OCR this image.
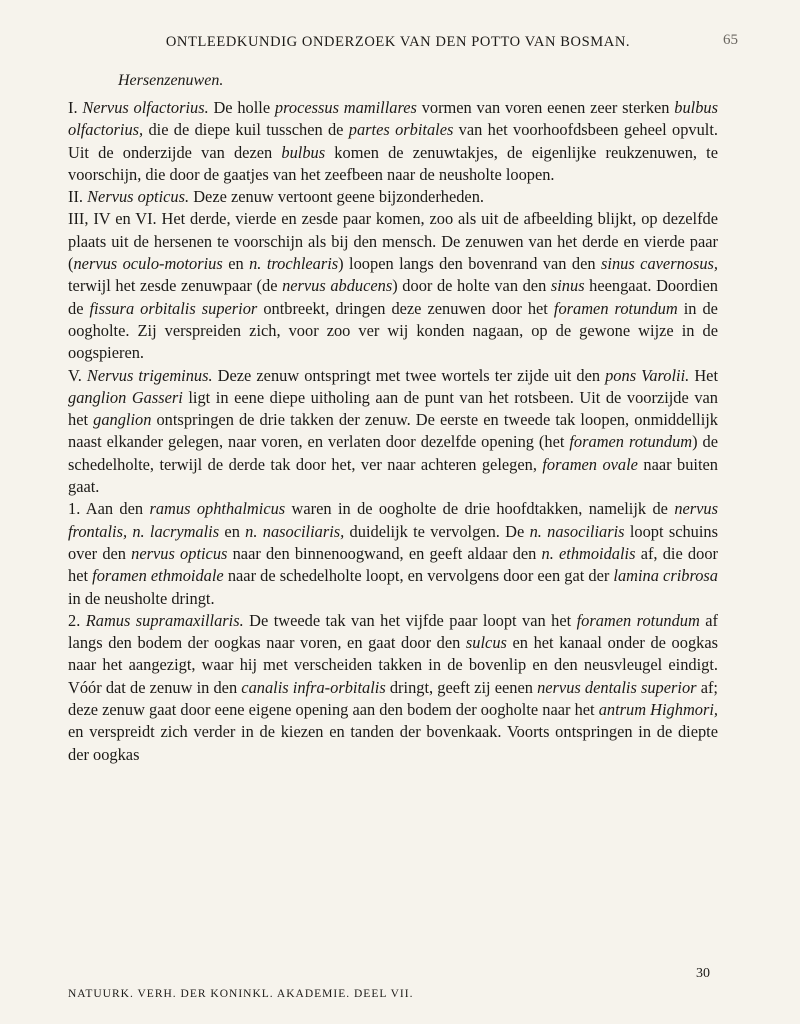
ONTLEEDKUNDIG ONDERZOEK VAN DEN POTTO VAN BOSMAN.	65
Hersenzenuwen.

I. Nervus olfactorius. De holle processus mamillares vormen van voren eenen zeer sterken bulbus olfactorius, die de diepe kuil tusschen de partes orbitales van het voorhoofdsbeen geheel opvult. Uit de onderzijde van dezen bulbus komen de zenuwtakjes, de eigenlijke reukzenuwen, te voorschijn, die door de gaatjes van het zeefbeen naar de neusholte loopen.

II. Nervus opticus. Deze zenuw vertoont geene bijzonderheden.

III, IV en VI. Het derde, vierde en zesde paar komen, zoo als uit de afbeelding blijkt, op dezelfde plaats uit de hersenen te voorschijn als bij den mensch. De zenuwen van het derde en vierde paar (nervus oculo-motorius en n. trochlearis) loopen langs den bovenrand van den sinus cavernosus, terwijl het zesde zenuwpaar (de nervus abducens) door de holte van den sinus heengaat. Doordien de fissura orbitalis superior ontbreekt, dringen deze zenuwen door het foramen rotundum in de oogholte. Zij verspreiden zich, voor zoo ver wij konden nagaan, op de gewone wijze in de oogspieren.

V. Nervus trigeminus. Deze zenuw ontspringt met twee wortels ter zijde uit den pons Varolii. Het ganglion Gasseri ligt in eene diepe uitholing aan de punt van het rotsbeen. Uit de voorzijde van het ganglion ontspringen de drie takken der zenuw. De eerste en tweede tak loopen, onmiddellijk naast elkander gelegen, naar voren, en verlaten door dezelfde opening (het foramen rotundum) de schedelholte, terwijl de derde tak door het, ver naar achteren gelegen, foramen ovale naar buiten gaat.

1. Aan den ramus ophthalmicus waren in de oogholte de drie hoofdtakken, namelijk de nervus frontalis, n. lacrymalis en n. nasociliaris, duidelijk te vervolgen. De n. nasociliaris loopt schuins over den nervus opticus naar den binnenoogwand, en geeft aldaar den n. ethmoidalis af, die door het foramen ethmoidale naar de schedelholte loopt, en vervolgens door een gat der lamina cribrosa in de neusholte dringt.

2. Ramus supramaxillaris. De tweede tak van het vijfde paar loopt van het foramen rotundum af langs den bodem der oogkas naar voren, en gaat door den sulcus en het kanaal onder de oogkas naar het aangezigt, waar hij met verscheiden takken in de bovenlip en den neusvleugel eindigt. Vóór dat de zenuw in den canalis infra-orbitalis dringt, geeft zij eenen nervus dentalis superior af; deze zenuw gaat door eene eigene opening aan den bodem der oogholte naar het antrum Highmori, en verspreidt zich verder in de kiezen en tanden der bovenkaak. Voorts ontspringen in de diepte der oogkas

30
NATUURK. VERH. DER KONINKL. AKADEMIE. DEEL VII.
